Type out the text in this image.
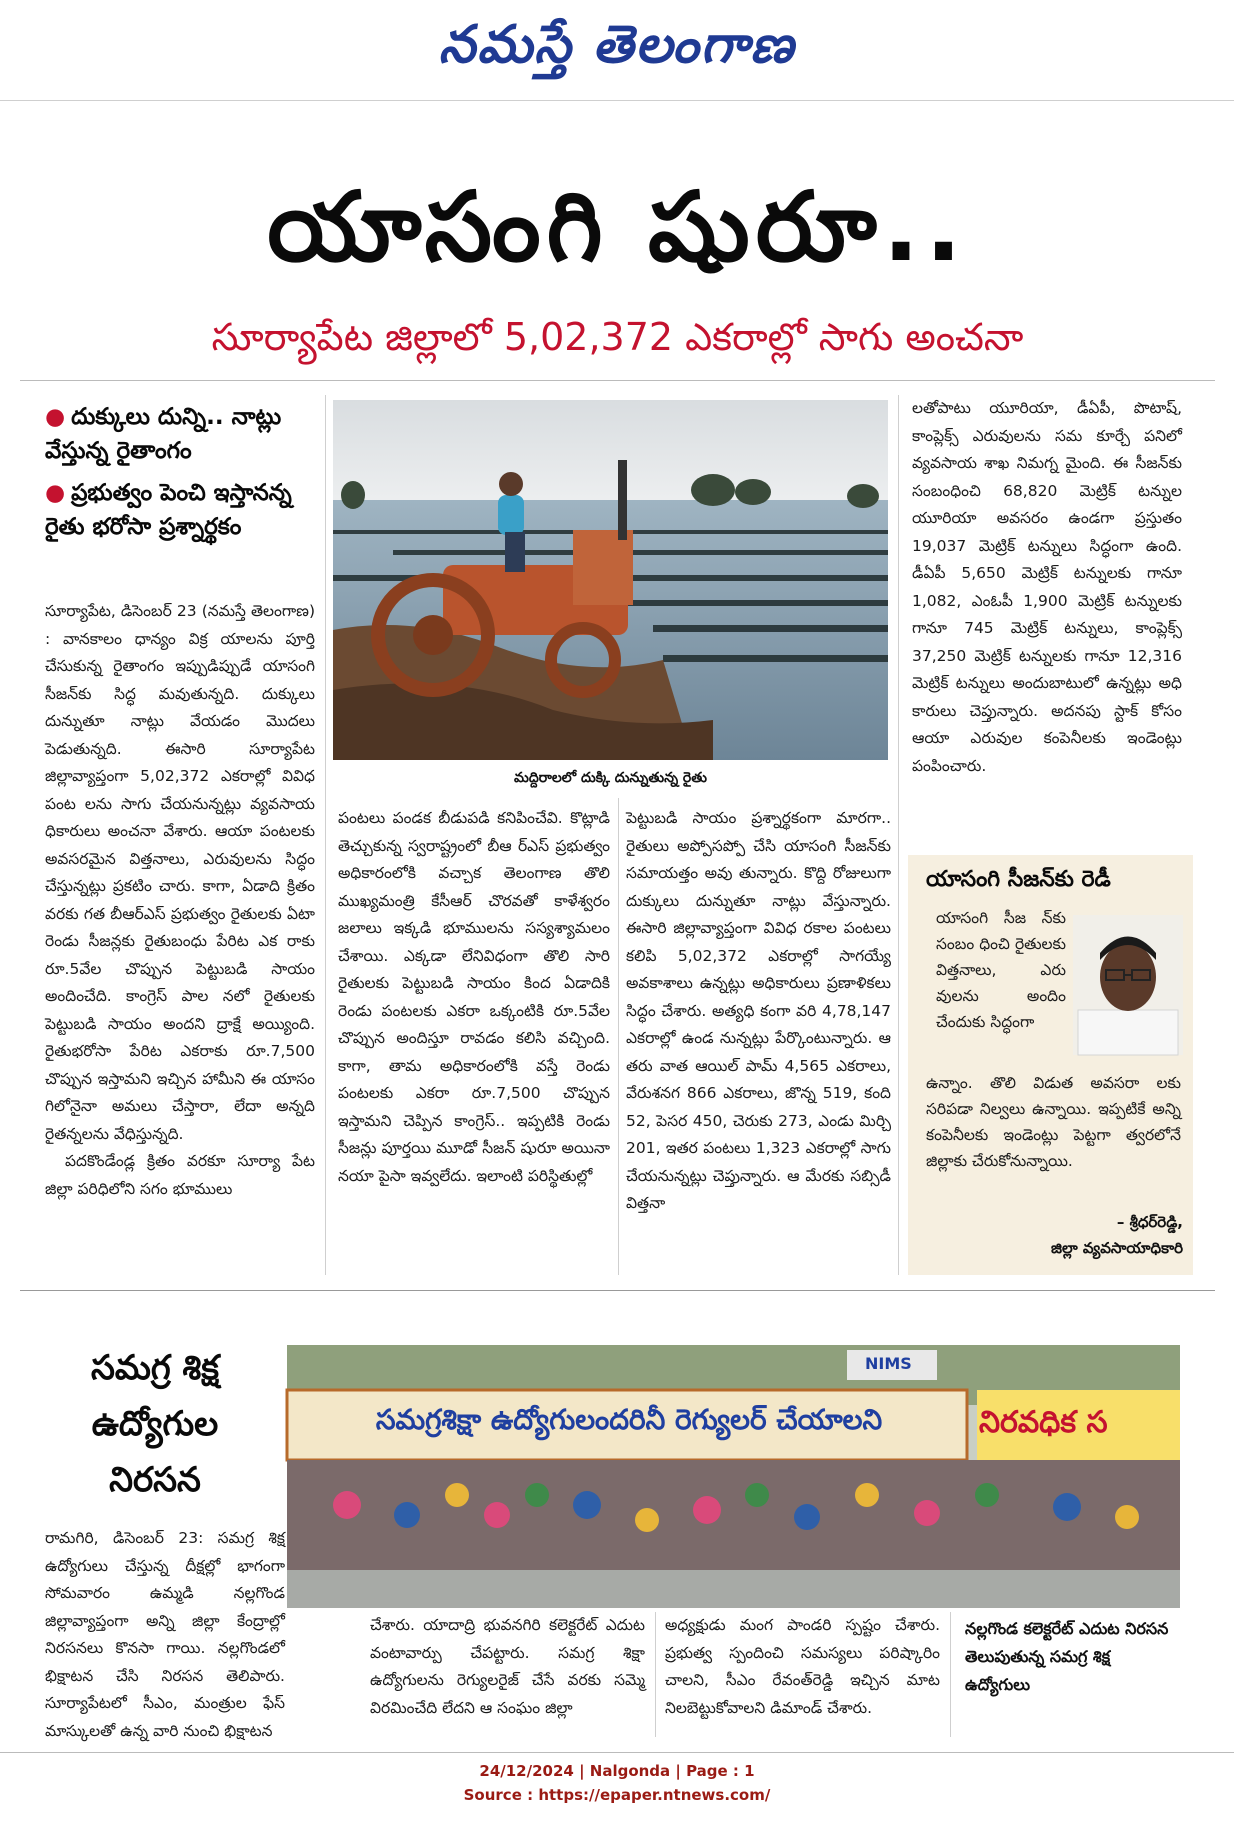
నమస్తే తెలంగాణ
యాసంగి షురూ..
సూర్యాపేట జిల్లాలో 5,02,372 ఎకరాల్లో సాగు అంచనా
● దుక్కులు దున్ని.. నాట్లు వేస్తున్న రైతాంగం
● ప్రభుత్వం పెంచి ఇస్తానన్న రైతు భరోసా ప్రశ్నార్థకం

సూర్యాపేట, డిసెంబర్ 23 (నమస్తే తెలంగాణ) : వానకాలం ధాన్యం విక్ర యాలను పూర్తి చేసుకున్న రైతాంగం ఇప్పుడిప్పుడే యాసంగి సీజన్‌కు సిద్ధ మవుతున్నది. దుక్కులు దున్నుతూ నాట్లు వేయడం మొదలు పెడుతున్నది. ఈసారి సూర్యాపేట జిల్లావ్యాప్తంగా 5,02,372 ఎకరాల్లో వివిధ పంట లను సాగు చేయనున్నట్లు వ్యవసాయ ధికారులు అంచనా వేశారు. ఆయా పంటలకు అవసరమైన విత్తనాలు, ఎరువులను సిద్ధం చేస్తున్నట్లు ప్రకటిం చారు. కాగా, ఏడాది క్రితం వరకు గత బీఆర్‌ఎస్ ప్రభుత్వం రైతులకు ఏటా రెండు సీజన్లకు రైతుబంధు పేరిట ఎక రాకు రూ.5వేల చొప్పున పెట్టుబడి సాయం అందించేది. కాంగ్రెస్ పాల నలో రైతులకు పెట్టుబడి సాయం అందని ద్రాక్షే అయ్యింది. రైతుభరోసా పేరిట ఎకరాకు రూ.7,500 చొప్పున ఇస్తామని ఇచ్చిన హామీని ఈ యాసం గిలోనైనా అమలు చేస్తారా, లేదా అన్నది రైతన్నలను వేధిస్తున్నది.

పదకొండేండ్ల క్రితం వరకూ సూర్యా పేట జిల్లా పరిధిలోని సగం భూములు

మద్దిరాలలో దుక్కి దున్నుతున్న రైతు

పంటలు పండక బీడుపడి కనిపించేవి. కొట్లాడి తెచ్చుకున్న స్వరాష్ట్రంలో బీఆ ర్‌ఎస్ ప్రభుత్వం అధికారంలోకి వచ్చాక తెలంగాణ తొలి ముఖ్యమంత్రి కేసీఆర్ చొరవతో కాళేశ్వరం జలాలు ఇక్కడి భూములను సస్యశ్యామలం చేశాయి. ఎక్కడా లేనివిధంగా తొలి సారి రైతులకు పెట్టుబడి సాయం కింద ఏడాదికి రెండు పంటలకు ఎకరా ఒక్కంటికి రూ.5వేల చొప్పున అందిస్తూ రావడం కలిసి వచ్చింది. కాగా, తామ అధికారంలోకి వస్తే రెండు పంటలకు ఎకరా రూ.7,500 చొప్పున ఇస్తామని చెప్పిన కాంగ్రెస్.. ఇప్పటికి రెండు సీజన్లు పూర్తయి మూడో సీజన్ షురూ అయినా నయా పైసా ఇవ్వలేదు. ఇలాంటి పరిస్థితుల్లో

పెట్టుబడి సాయం ప్రశ్నార్థకంగా మారగా.. రైతులు అప్పోసప్పో చేసి యాసంగి సీజన్‌కు సమాయత్తం అవు తున్నారు. కొద్ది రోజులుగా దుక్కులు దున్నుతూ నాట్లు వేస్తున్నారు. ఈసారి జిల్లావ్యాప్తంగా వివిధ రకాల పంటలు కలిపి 5,02,372 ఎకరాల్లో సాగయ్యే అవకాశాలు ఉన్నట్లు అధికారులు ప్రణాళికలు సిద్ధం చేశారు. అత్యధి కంగా వరి 4,78,147 ఎకరాల్లో ఉండ నున్నట్లు పేర్కొంటున్నారు. ఆ తరు వాత ఆయిల్ పామ్ 4,565 ఎకరాలు, వేరుశనగ 866 ఎకరాలు, జొన్న 519, కంది 52, పెసర 450, చెరుకు 273, ఎండు మిర్చి 201, ఇతర పంటలు 1,323 ఎకరాల్లో సాగు చేయనున్నట్లు చెప్తున్నారు. ఆ మేరకు సబ్సిడీ విత్తనా

లతోపాటు యూరియా, డీఏపీ, పొటాష్, కాంప్లెక్స్ ఎరువులను సమ కూర్చే పనిలో వ్యవసాయ శాఖ నిమగ్న మైంది. ఈ సీజన్‌కు సంబంధించి 68,820 మెట్రిక్ టన్నుల యూరియా అవసరం ఉండగా ప్రస్తుతం 19,037 మెట్రిక్ టన్నులు సిద్ధంగా ఉంది. డీఏపీ 5,650 మెట్రిక్ టన్నులకు గానూ 1,082, ఎంఓపీ 1,900 మెట్రిక్ టన్నులకు గానూ 745 మెట్రిక్ టన్నులు, కాంప్లెక్స్ 37,250 మెట్రిక్ టన్నులకు గానూ 12,316 మెట్రిక్ టన్నులు అందుబాటులో ఉన్నట్లు అధి కారులు చెప్తున్నారు. అదనపు స్టాక్ కోసం ఆయా ఎరువుల కంపెనీలకు ఇండెంట్లు పంపించారు.

యాసంగి సీజన్‌కు రెడీ
యాసంగి సీజ న్‌కు సంబం ధించి రైతులకు విత్తనాలు, ఎరు వులను అందిం చేందుకు సిద్ధంగా
ఉన్నాం. తొలి విడుత అవసరా లకు సరిపడా నిల్వలు ఉన్నాయి. ఇప్పటికే అన్ని కంపెనీలకు ఇండెంట్లు పెట్టగా త్వరలోనే జిల్లాకు చేరుకోనున్నాయి.
– శ్రీధర్‌రెడ్డి,
జిల్లా వ్యవసాయాధికారి
సమగ్ర శిక్ష
ఉద్యోగుల
నిరసన

రామగిరి, డిసెంబర్ 23: సమగ్ర శిక్ష ఉద్యోగులు చేస్తున్న దీక్షల్లో భాగంగా సోమవారం ఉమ్మడి నల్లగొండ జిల్లావ్యాప్తంగా అన్ని జిల్లా కేంద్రాల్లో నిరసనలు కొనసా గాయి. నల్లగొండలో భిక్షాటన చేసి నిరసన తెలిపారు. సూర్యాపేటలో సీఎం, మంత్రుల ఫేస్ మాస్కులతో ఉన్న వారి నుంచి భిక్షాటన

సమగ్రశిక్షా ఉద్యోగులందరినీ రెగ్యులర్ చేయాలని	నిరవధిక స
NIMS

చేశారు. యాదాద్రి భువనగిరి కలెక్టరేట్ ఎదుట వంటావార్పు చేపట్టారు. సమగ్ర శిక్షా ఉద్యోగులను రెగ్యులరైజ్ చేసే వరకు సమ్మె విరమించేది లేదని ఆ సంఘం జిల్లా

అధ్యక్షుడు మంగ పాండరి స్పష్టం చేశారు. ప్రభుత్వ స్పందించి సమస్యలు పరిష్కారిం చాలని, సీఎం రేవంత్‌రెడ్డి ఇచ్చిన మాట నిలబెట్టుకోవాలని డిమాండ్ చేశారు.

నల్లగొండ కలెక్టరేట్ ఎదుట నిరసన తెలుపుతున్న సమగ్ర శిక్ష ఉద్యోగులు
24/12/2024 | Nalgonda | Page : 1
Source : https://epaper.ntnews.com/
